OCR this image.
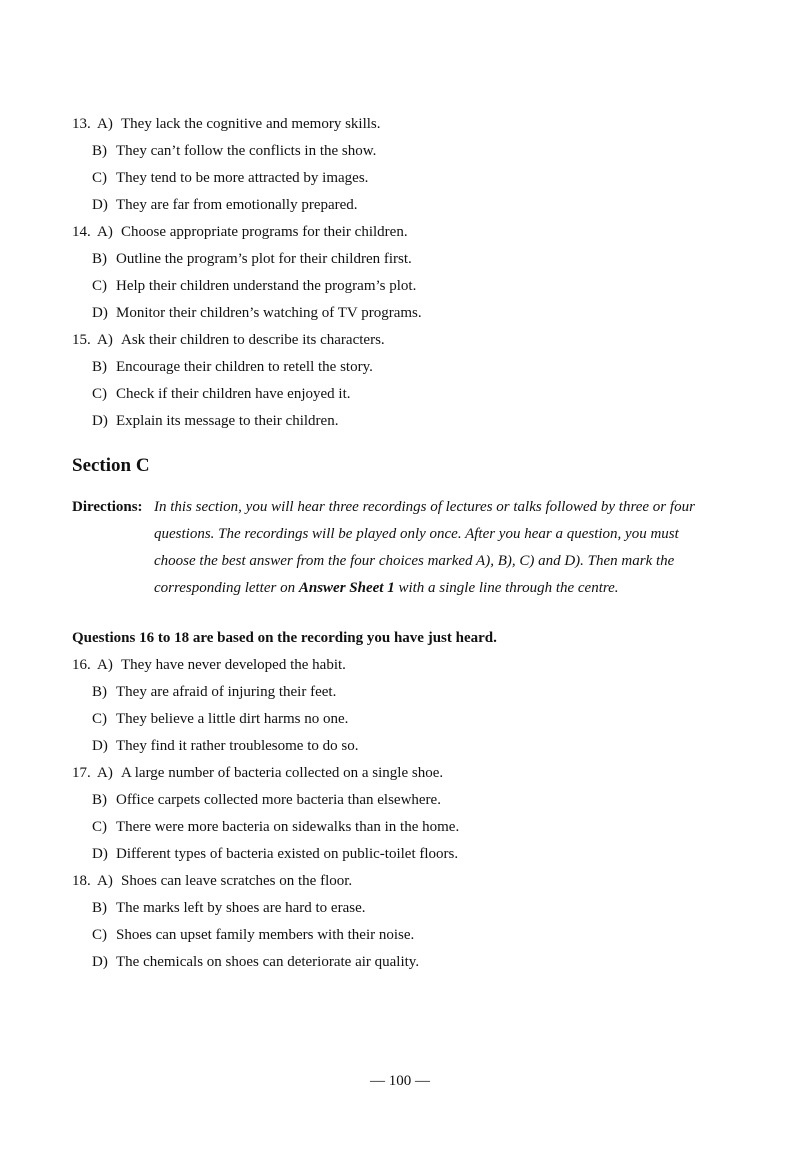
13. A) They lack the cognitive and memory skills.
B) They can’t follow the conflicts in the show.
C) They tend to be more attracted by images.
D) They are far from emotionally prepared.
14. A) Choose appropriate programs for their children.
B) Outline the program’s plot for their children first.
C) Help their children understand the program’s plot.
D) Monitor their children’s watching of TV programs.
15. A) Ask their children to describe its characters.
B) Encourage their children to retell the story.
C) Check if their children have enjoyed it.
D) Explain its message to their children.
Section C
Directions: In this section, you will hear three recordings of lectures or talks followed by three or four
questions. The recordings will be played only once. After you hear a question, you must
choose the best answer from the four choices marked A), B), C) and D). Then mark the
corresponding letter on Answer Sheet 1 with a single line through the centre.
Questions 16 to 18 are based on the recording you have just heard.
16. A) They have never developed the habit.
B) They are afraid of injuring their feet.
C) They believe a little dirt harms no one.
D) They find it rather troublesome to do so.
17. A) A large number of bacteria collected on a single shoe.
B) Office carpets collected more bacteria than elsewhere.
C) There were more bacteria on sidewalks than in the home.
D) Different types of bacteria existed on public-toilet floors.
18. A) Shoes can leave scratches on the floor.
B) The marks left by shoes are hard to erase.
C) Shoes can upset family members with their noise.
D) The chemicals on shoes can deteriorate air quality.
— 100 —
